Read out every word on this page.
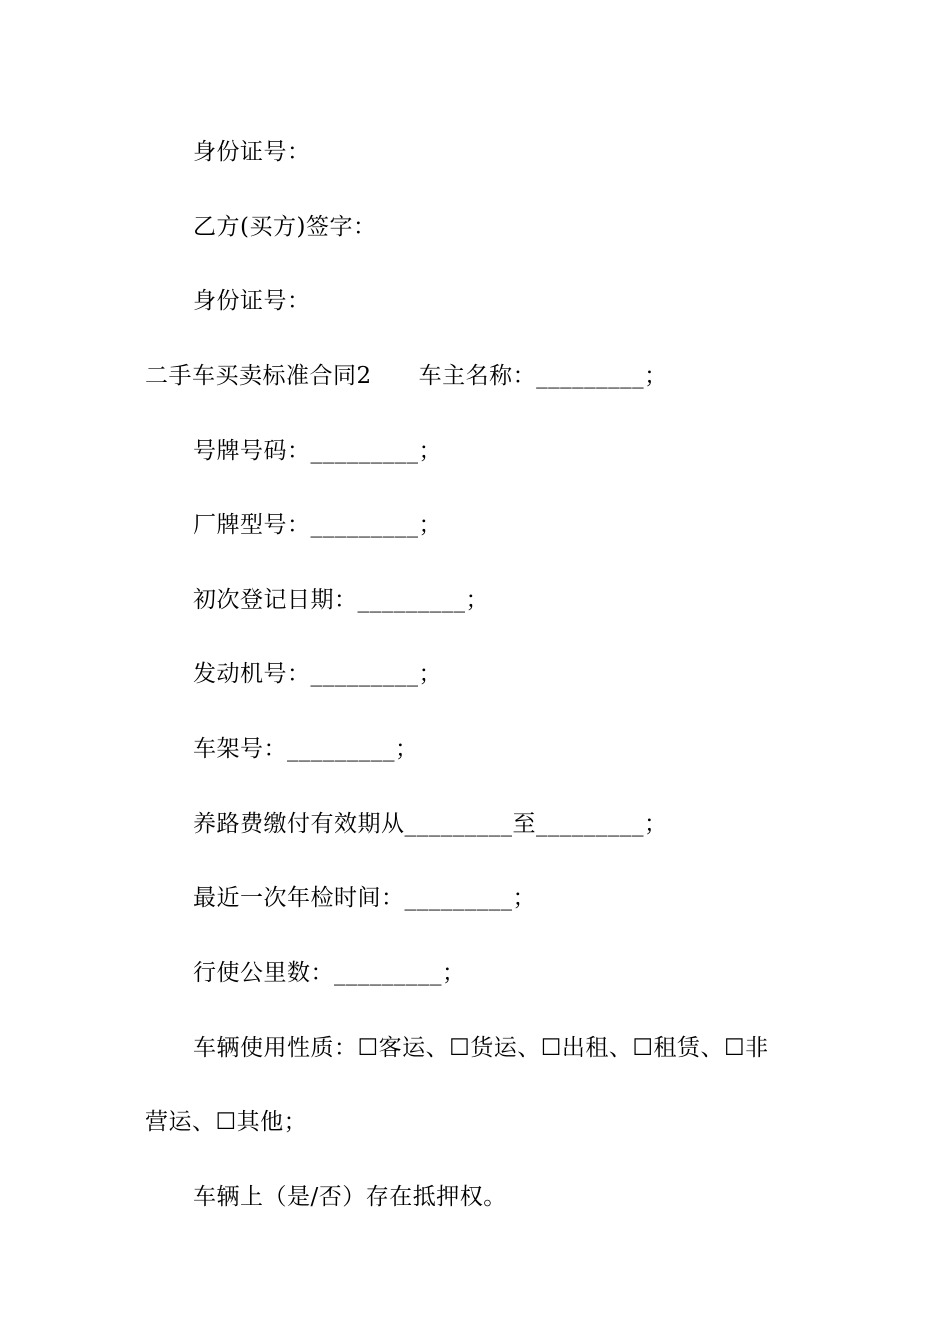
身份证号：
乙方(买方)签字：
身份证号：
二手车买卖标准合同2　　车主名称：_________；
号牌号码：_________；
厂牌型号：_________；
初次登记日期：_________；
发动机号：_________；
车架号：_________；
养路费缴付有效期从_________至_________；
最近一次年检时间：_________；
行使公里数：_________；
车辆使用性质：☐客运、☐货运、☐出租、☐租赁、☐非
营运、☐其他；
车辆上（是/否）存在抵押权。
